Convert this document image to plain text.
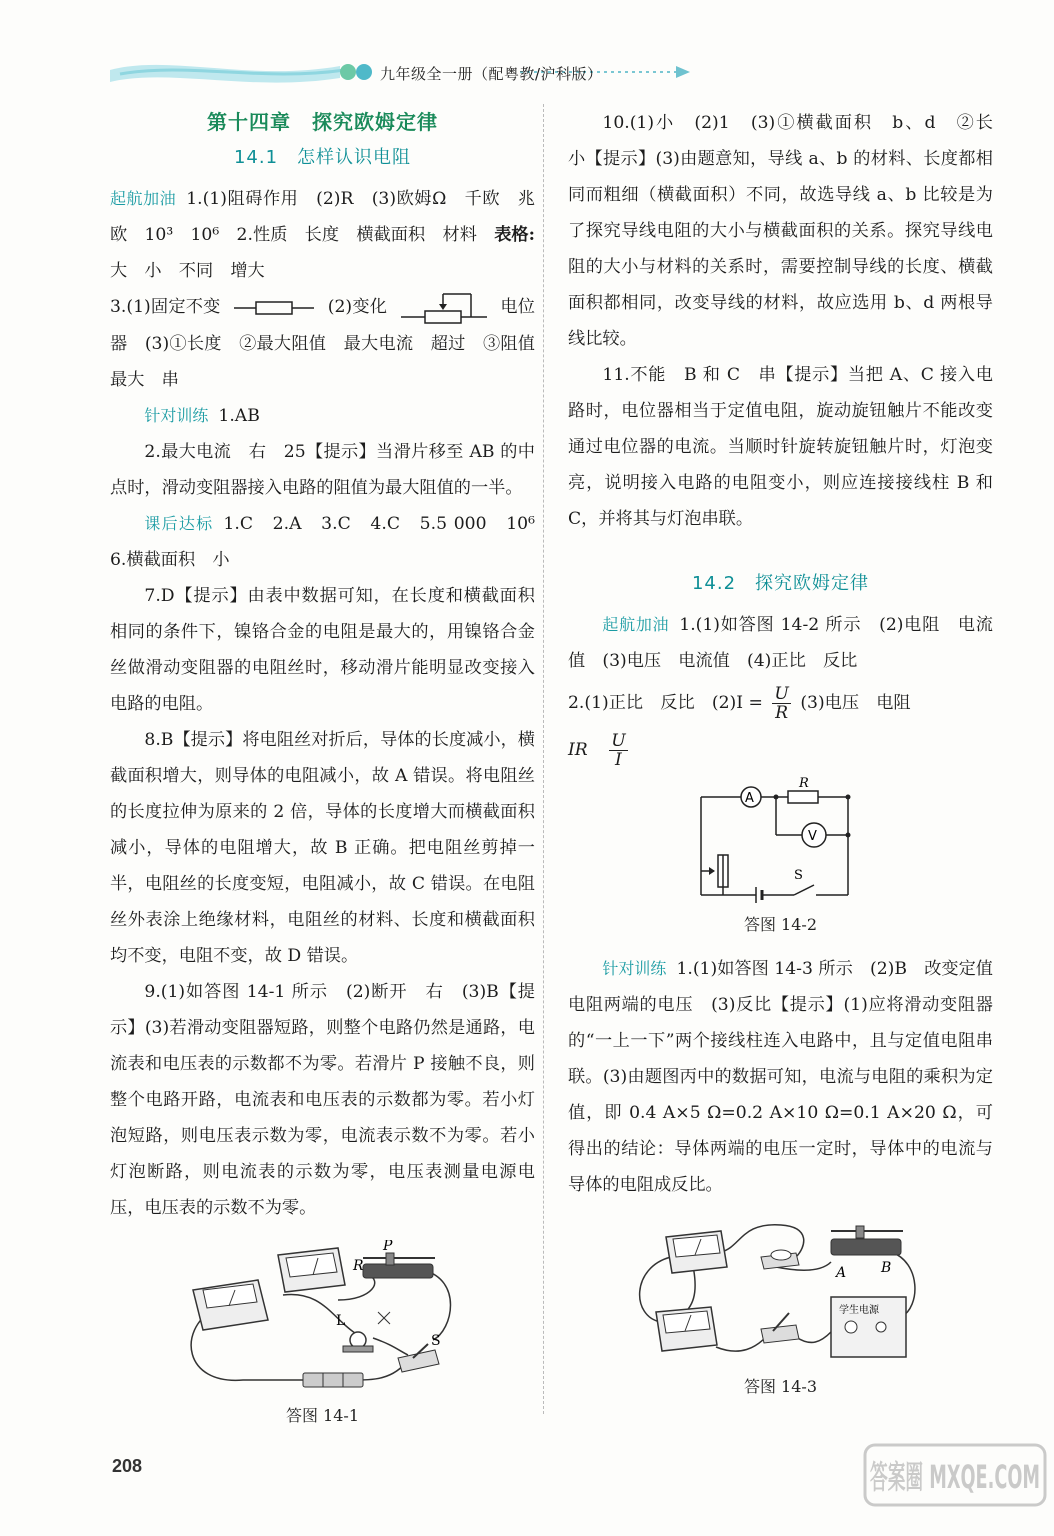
九年级全一册（配粤教/沪科版）
第十四章　探究欧姆定律
14.1　怎样认识电阻

起航加油 1.(1)阻碍作用　(2)R　(3)欧姆Ω　千欧　兆欧　10³　10⁶　2.性质　长度　横截面积　材料　表格:大　小　不同　增大

3.(1)固定不变	(2)变化	电位器　(3)①长度　②最大阻值　最大电流　超过　③阻值最大　串

针对训练 1.AB

2.最大电流　右　25【提示】当滑片移至 AB 的中点时，滑动变阻器接入电路的阻值为最大阻值的一半。

课后达标 1.C　2.A　3.C　4.C　5.5 000　10⁶　6.横截面积　小

7.D【提示】由表中数据可知，在长度和横截面积相同的条件下，镍铬合金的电阻是最大的，用镍铬合金丝做滑动变阻器的电阻丝时，移动滑片能明显改变接入电路的电阻。

8.B【提示】将电阻丝对折后，导体的长度减小，横截面积增大，则导体的电阻减小，故 A 错误。将电阻丝的长度拉伸为原来的 2 倍，导体的长度增大而横截面积减小，导体的电阻增大，故 B 正确。把电阻丝剪掉一半，电阻丝的长度变短，电阻减小，故 C 错误。在电阻丝外表涂上绝缘材料，电阻丝的材料、长度和横截面积均不变，电阻不变，故 D 错误。

9.(1)如答图 14-1 所示　(2)断开　右　(3)B【提示】(3)若滑动变阻器短路，则整个电路仍然是通路，电流表和电压表的示数都不为零。若滑片 P 接触不良，则整个电路开路，电流表和电压表的示数都为零。若小灯泡短路，则电压表示数为零，电流表示数不为零。若小灯泡断路，则电流表的示数为零，电压表测量电源电压，电压表的示数不为零。

R
P
L
S
答图 14-1

10.(1)小　(2)1　(3)①横截面积　b、d　②长　小【提示】(3)由题意知，导线 a、b 的材料、长度都相同而粗细（横截面积）不同，故选导线 a、b 比较是为了探究导线电阻的大小与横截面积的关系。探究导线电阻的大小与材料的关系时，需要控制导线的长度、横截面积都相同，改变导线的材料，故应选用 b、d 两根导线比较。

11.不能　B 和 C　串【提示】当把 A、C 接入电路时，电位器相当于定值电阻，旋动旋钮触片不能改变通过电位器的电流。当顺时针旋转旋钮触片时，灯泡变亮，说明接入电路的电阻变小，则应连接接线柱 B 和 C，并将其与灯泡串联。

14.2　探究欧姆定律

起航加油 1.(1)如答图 14-2 所示　(2)电阻　电流值　(3)电压　电流值　(4)正比　反比

2.(1)正比　反比　$(2)I = \frac{U}{R} (3)$电压　电阻

IR $\frac{U}{I}$

A
V
R
S
答图 14-2

针对训练 1.(1)如答图 14-3 所示　(2)B　改变定值电阻两端的电压　(3)反比【提示】(1)应将滑动变阻器的“一上一下”两个接线柱连入电路中，且与定值电阻串联。(3)由题图丙中的数据可知，电流与电阻的乘积为定值，即 0.4 A×5 Ω=0.2 A×10 Ω=0.1 A×20 Ω，可得出的结论：导体两端的电压一定时，导体中的电流与导体的电阻成反比。

学生电源
A B
答图 14-3
208	答案圈 MXQE.COM
